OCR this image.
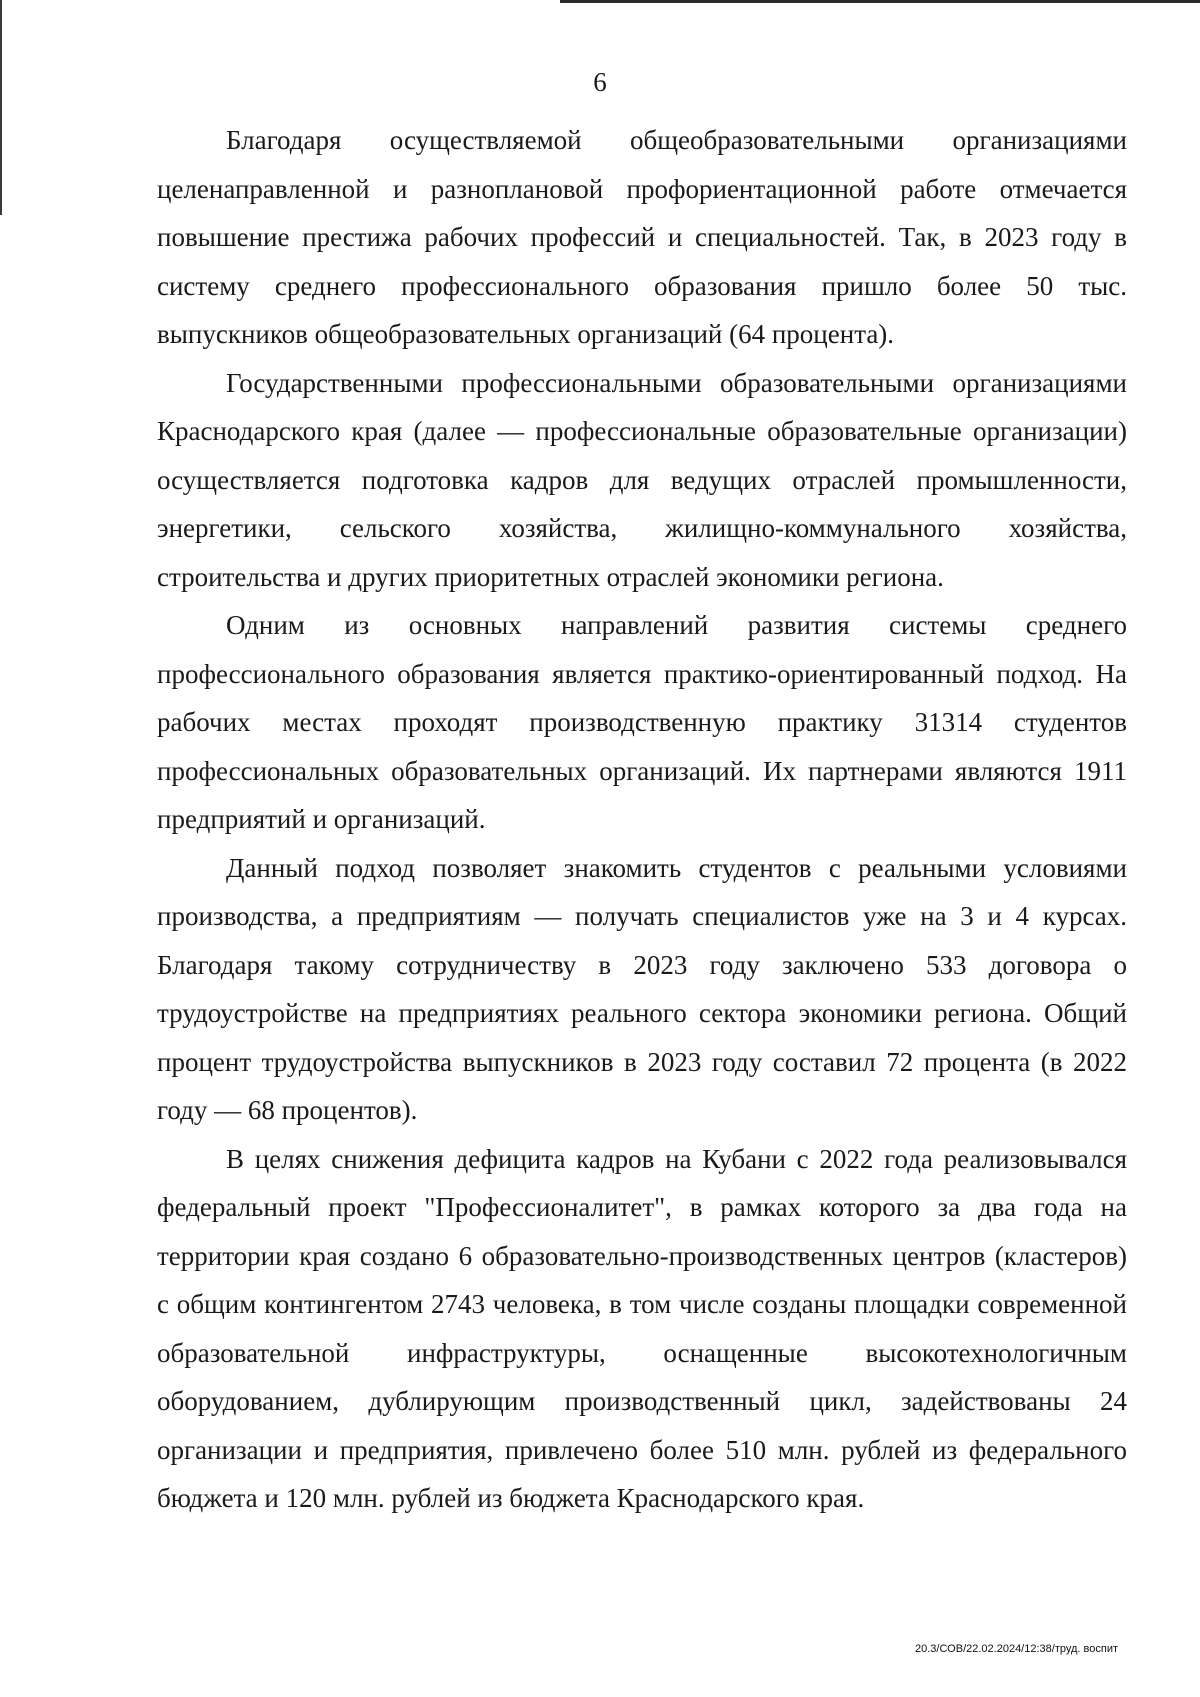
6

Благодаря осуществляемой общеобразовательными организациями целенаправленной и разноплановой профориентационной работе отмечается повышение престижа рабочих профессий и специальностей. Так, в 2023 году в систему среднего профессионального образования пришло более 50 тыс. выпускников общеобразовательных организаций (64 процента).

Государственными профессиональными образовательными организациями Краснодарского края (далее — профессиональные образовательные организации) осуществляется подготовка кадров для ведущих отраслей промышленности, энергетики, сельского хозяйства, жилищно-коммунального хозяйства, строительства и других приоритетных отраслей экономики региона.

Одним из основных направлений развития системы среднего профессионального образования является практико-ориентированный подход. На рабочих местах проходят производственную практику 31314 студентов профессиональных образовательных организаций. Их партнерами являются 1911 предприятий и организаций.

Данный подход позволяет знакомить студентов с реальными условиями производства, а предприятиям — получать специалистов уже на 3 и 4 курсах. Благодаря такому сотрудничеству в 2023 году заключено 533 договора о трудоустройстве на предприятиях реального сектора экономики региона. Общий процент трудоустройства выпускников в 2023 году составил 72 процента (в 2022 году — 68 процентов).

В целях снижения дефицита кадров на Кубани с 2022 года реализовывался федеральный проект "Профессионалитет", в рамках которого за два года на территории края создано 6 образовательно-производственных центров (кластеров) с общим контингентом 2743 человека, в том числе созданы площадки современной образовательной инфраструктуры, оснащенные высокотехнологичным оборудованием, дублирующим производственный цикл, задействованы 24 организации и предприятия, привлечено более 510 млн. рублей из федерального бюджета и 120 млн. рублей из бюджета Краснодарского края.

20.3/СОВ/22.02.2024/12:38/труд. воспит
